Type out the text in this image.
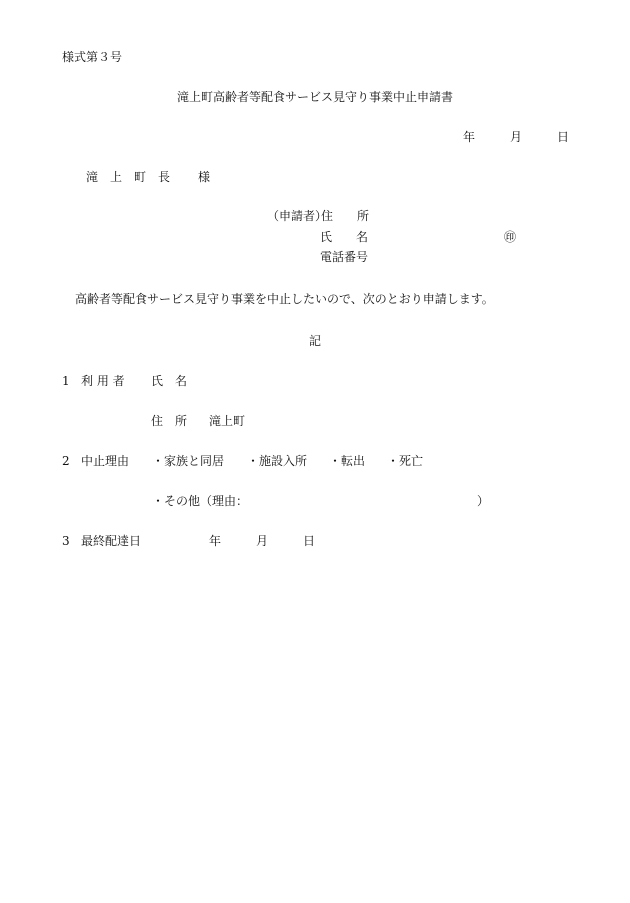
様式第３号
滝上町高齢者等配食サービス見守り事業中止申請書
年	月	日
滝　上　町　長 様
（申請者）
住　　所
氏　　名	㊞
電話番号
高齢者等配食サービス見守り事業を中止したいので、次のとおり申請します。
記
1 利 用 者 氏　名
住　所 滝上町
2 中止理由 ・家族と同居 ・施設入所 ・転出 ・死亡
・その他（理由：	）
3 最終配達日	年	月	日
